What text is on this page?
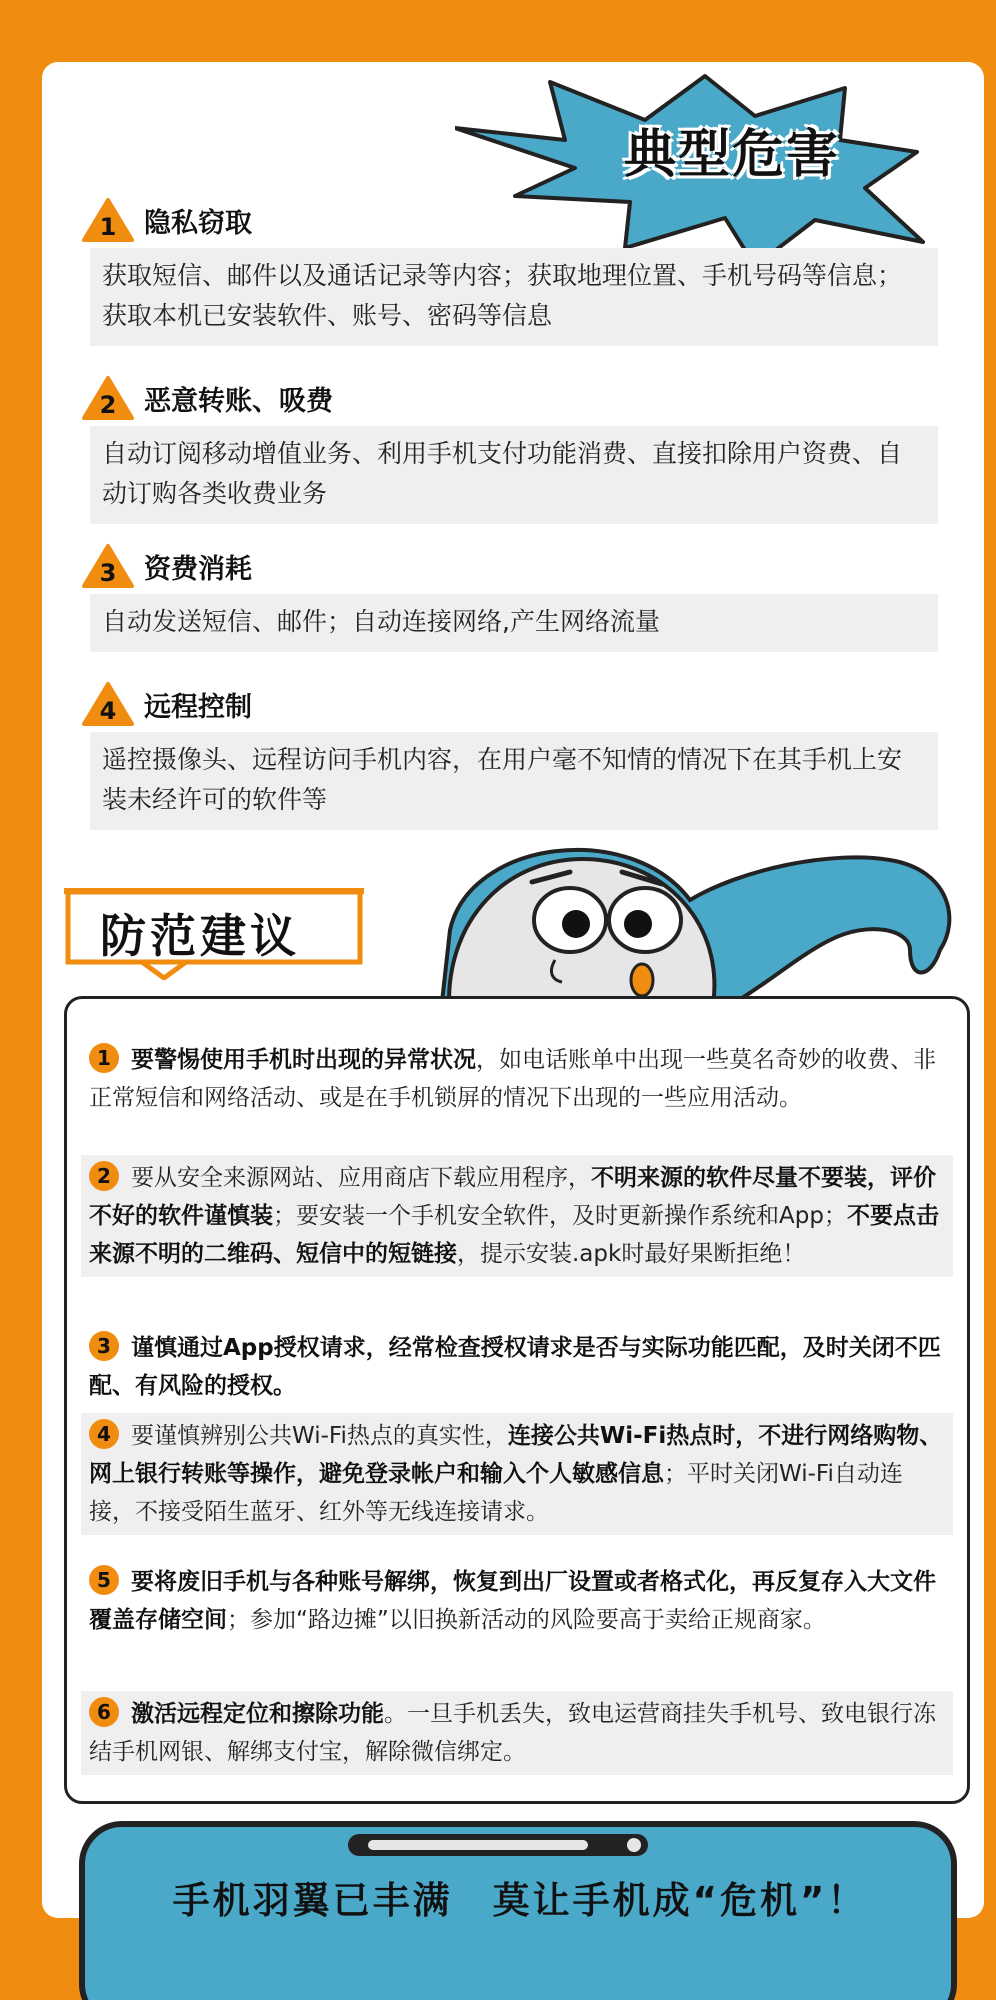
典型危害
1 隐私窃取
获取短信、邮件以及通话记录等内容；获取地理位置、手机号码等信息；获取本机已安装软件、账号、密码等信息
2 恶意转账、吸费
自动订阅移动增值业务、利用手机支付功能消费、直接扣除用户资费、自动订购各类收费业务
3 资费消耗
自动发送短信、邮件；自动连接网络,产生网络流量
4 远程控制
遥控摄像头、远程访问手机内容，在用户毫不知情的情况下在其手机上安装未经许可的软件等
防范建议
1 要警惕使用手机时出现的异常状况，如电话账单中出现一些莫名奇妙的收费、非正常短信和网络活动、或是在手机锁屏的情况下出现的一些应用活动。
2 要从安全来源网站、应用商店下载应用程序，不明来源的软件尽量不要装，评价不好的软件谨慎装；要安装一个手机安全软件，及时更新操作系统和App；不要点击来源不明的二维码、短信中的短链接，提示安装.apk时最好果断拒绝！
3 谨慎通过App授权请求，经常检查授权请求是否与实际功能匹配，及时关闭不匹配、有风险的授权。
4 要谨慎辨别公共Wi-Fi热点的真实性，连接公共Wi-Fi热点时，不进行网络购物、网上银行转账等操作，避免登录帐户和输入个人敏感信息；平时关闭Wi-Fi自动连接，不接受陌生蓝牙、红外等无线连接请求。
5 要将废旧手机与各种账号解绑，恢复到出厂设置或者格式化，再反复存入大文件覆盖存储空间；参加“路边摊”以旧换新活动的风险要高于卖给正规商家。
6 激活远程定位和擦除功能。一旦手机丢失，致电运营商挂失手机号、致电银行冻结手机网银、解绑支付宝，解除微信绑定。
手机羽翼已丰满　莫让手机成“危机”！
